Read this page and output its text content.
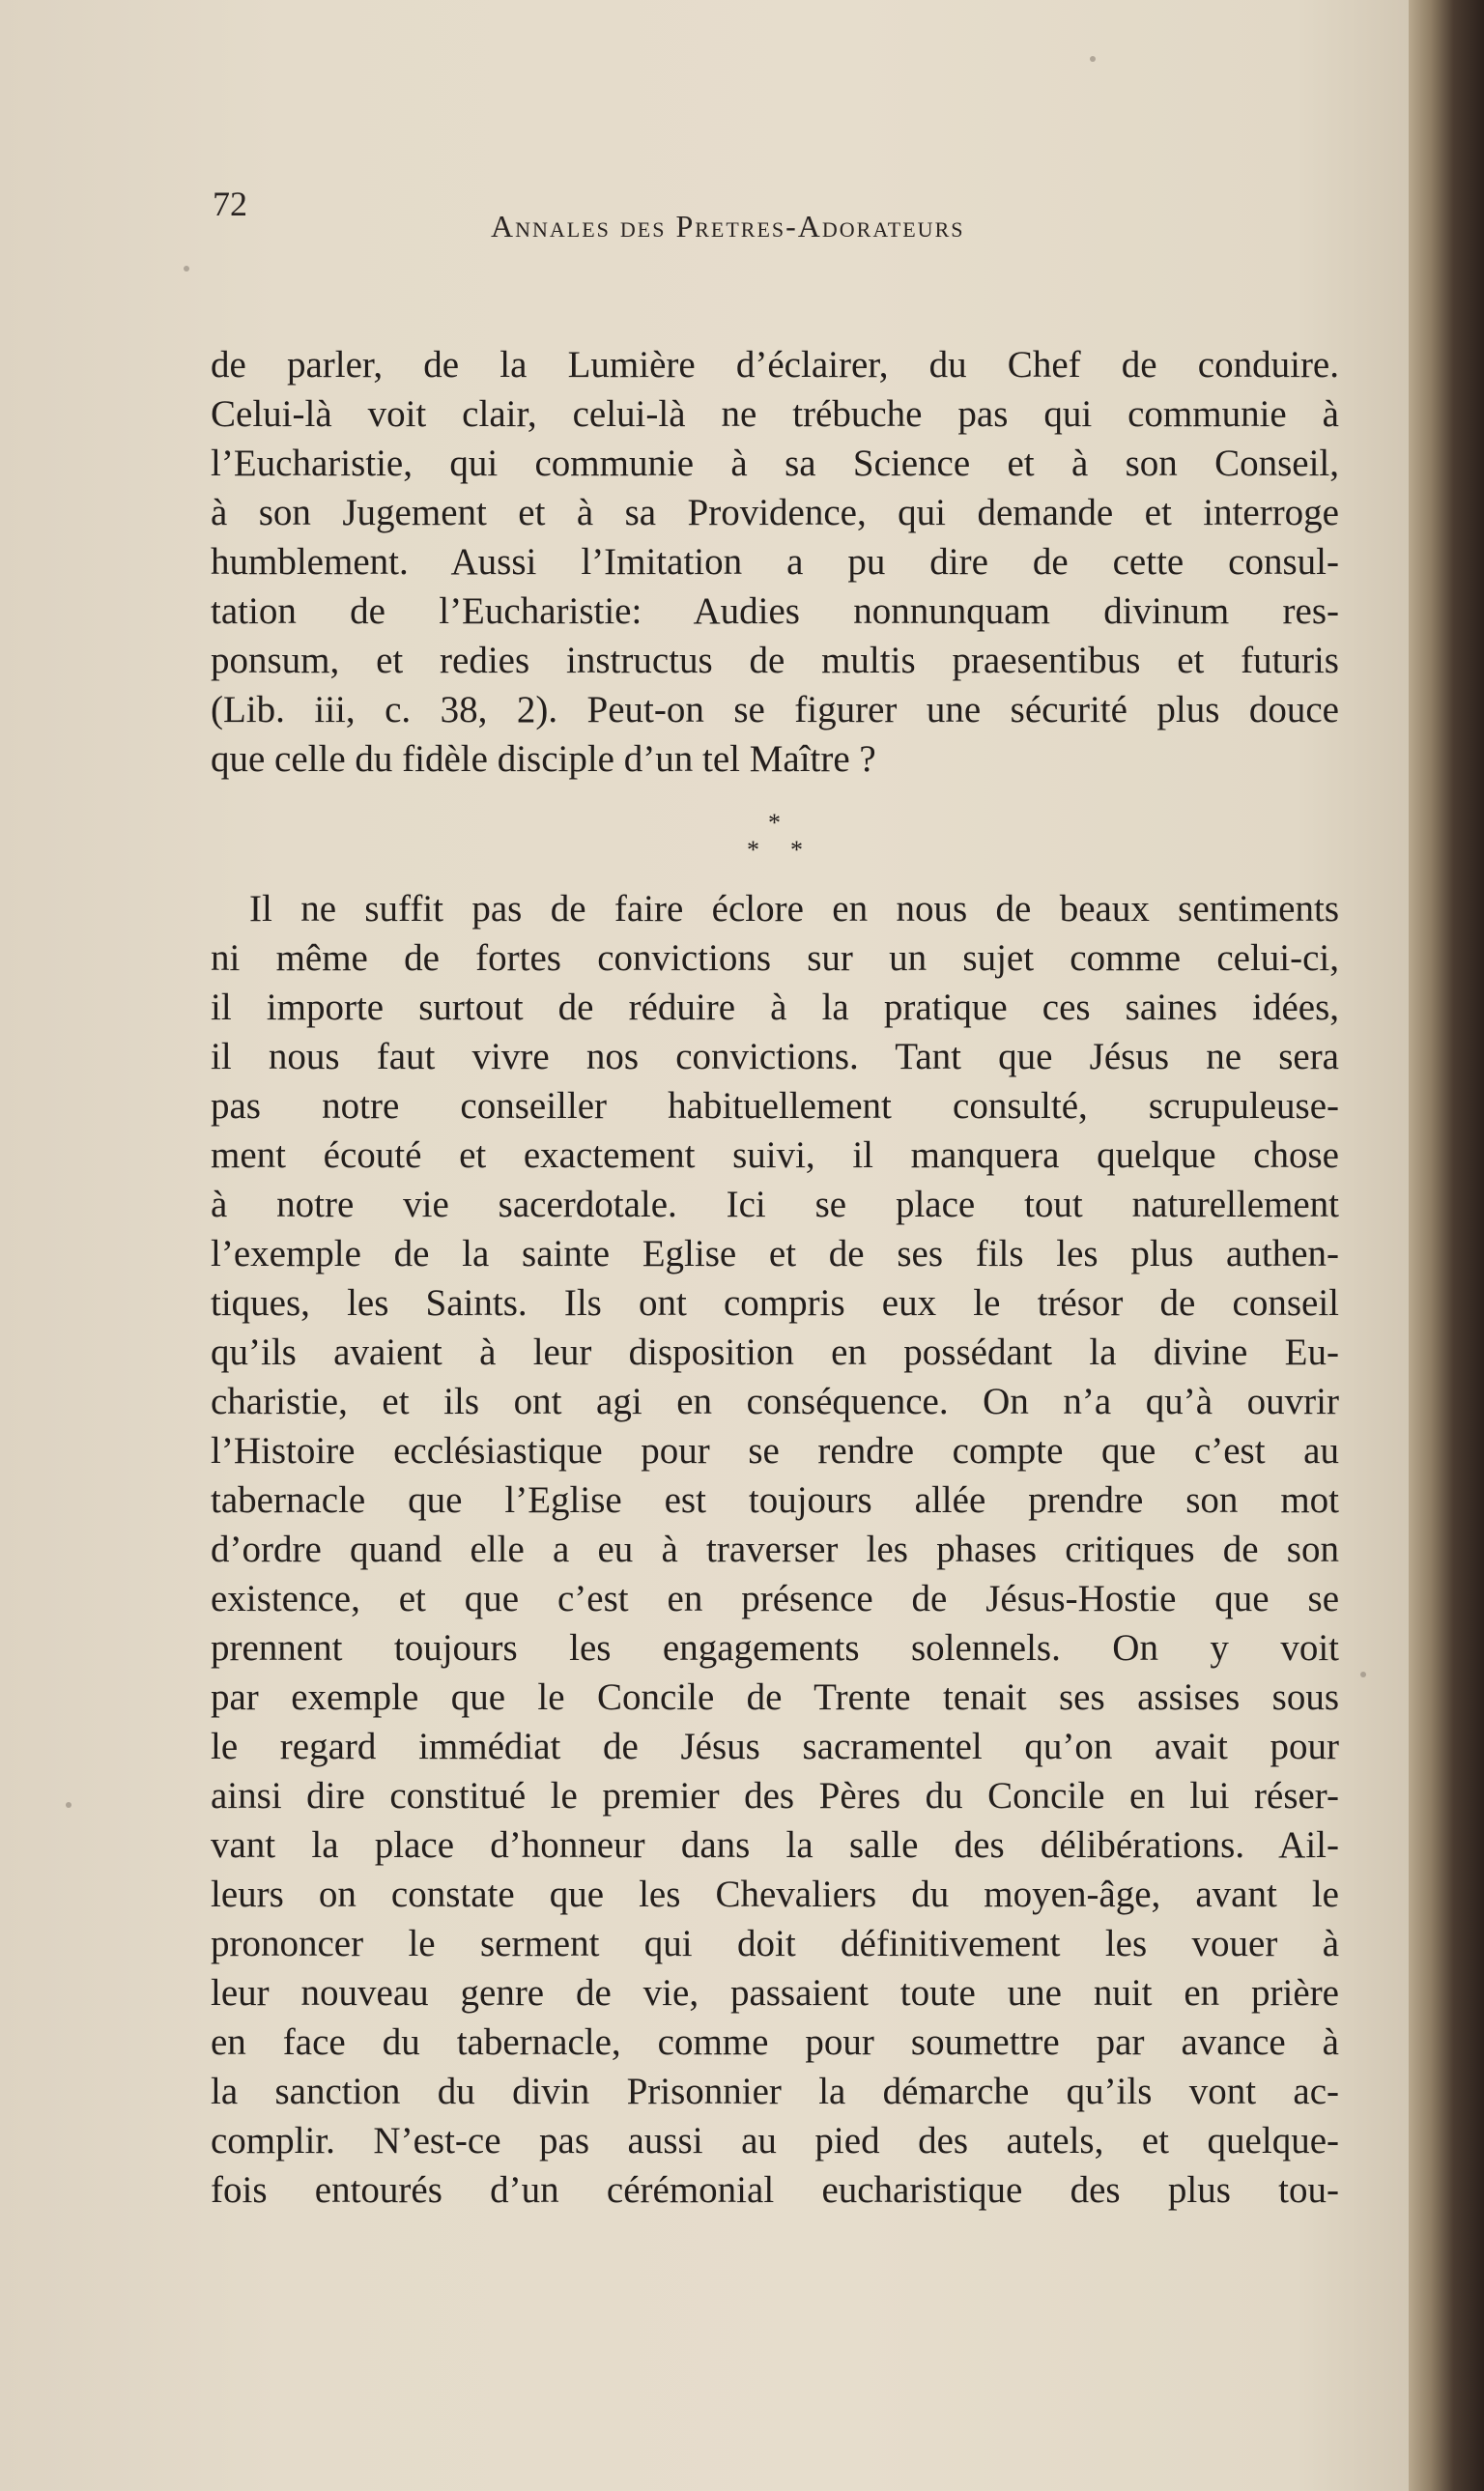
72
Annales des Pretres-Adorateurs
de parler, de la Lumière d’éclairer, du Chef de conduire.
Celui-là voit clair, celui-là ne trébuche pas qui communie à
l’Eucharistie, qui communie à sa Science et à son Conseil,
à son Jugement et à sa Providence, qui demande et interroge
humblement. Aussi l’Imitation a pu dire de cette consul-
tation de l’Eucharistie: Audies nonnunquam divinum res-
ponsum, et redies instructus de multis praesentibus et futuris
(Lib. iii, c. 38, 2). Peut-on se figurer une sécurité plus douce
que celle du fidèle disciple d’un tel Maître ?
*
* *
Il ne suffit pas de faire éclore en nous de beaux sentiments
ni même de fortes convictions sur un sujet comme celui-ci,
il importe surtout de réduire à la pratique ces saines idées,
il nous faut vivre nos convictions. Tant que Jésus ne sera
pas notre conseiller habituellement consulté, scrupuleuse-
ment écouté et exactement suivi, il manquera quelque chose
à notre vie sacerdotale. Ici se place tout naturellement
l’exemple de la sainte Eglise et de ses fils les plus authen-
tiques, les Saints. Ils ont compris eux le trésor de conseil
qu’ils avaient à leur disposition en possédant la divine Eu-
charistie, et ils ont agi en conséquence. On n’a qu’à ouvrir
l’Histoire ecclésiastique pour se rendre compte que c’est au
tabernacle que l’Eglise est toujours allée prendre son mot
d’ordre quand elle a eu à traverser les phases critiques de son
existence, et que c’est en présence de Jésus-Hostie que se
prennent toujours les engagements solennels. On y voit
par exemple que le Concile de Trente tenait ses assises sous
le regard immédiat de Jésus sacramentel qu’on avait pour
ainsi dire constitué le premier des Pères du Concile en lui réser-
vant la place d’honneur dans la salle des délibérations. Ail-
leurs on constate que les Chevaliers du moyen-âge, avant le
prononcer le serment qui doit définitivement les vouer à
leur nouveau genre de vie, passaient toute une nuit en prière
en face du tabernacle, comme pour soumettre par avance à
la sanction du divin Prisonnier la démarche qu’ils vont ac-
complir. N’est-ce pas aussi au pied des autels, et quelque-
fois entourés d’un cérémonial eucharistique des plus tou-
